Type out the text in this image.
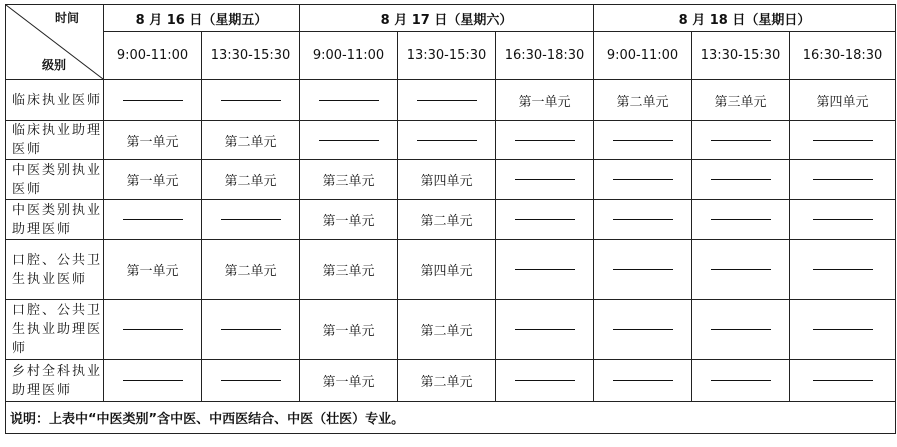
时间
级别	8 月 16 日（星期五）		8 月 17 日（星期六）			8 月 18 日（星期日）		
	9:00-11:00	13:30-15:30	9:00-11:00	13:30-15:30	16:30-18:30	9:00-11:00	13:30-15:30	16:30-18:30
临床执业医师					第一单元	第二单元	第三单元	第四单元
临床执业助理医师	第一单元	第二单元						
中医类别执业医师	第一单元	第二单元	第三单元	第四单元				
中医类别执业助理医师			第一单元	第二单元				
口腔、公共卫生执业医师	第一单元	第二单元	第三单元	第四单元				
口腔、公共卫生执业助理医师			第一单元	第二单元				
乡村全科执业助理医师			第一单元	第二单元				
说明：上表中“中医类别”含中医、中西医结合、中医（壮医）专业。								
